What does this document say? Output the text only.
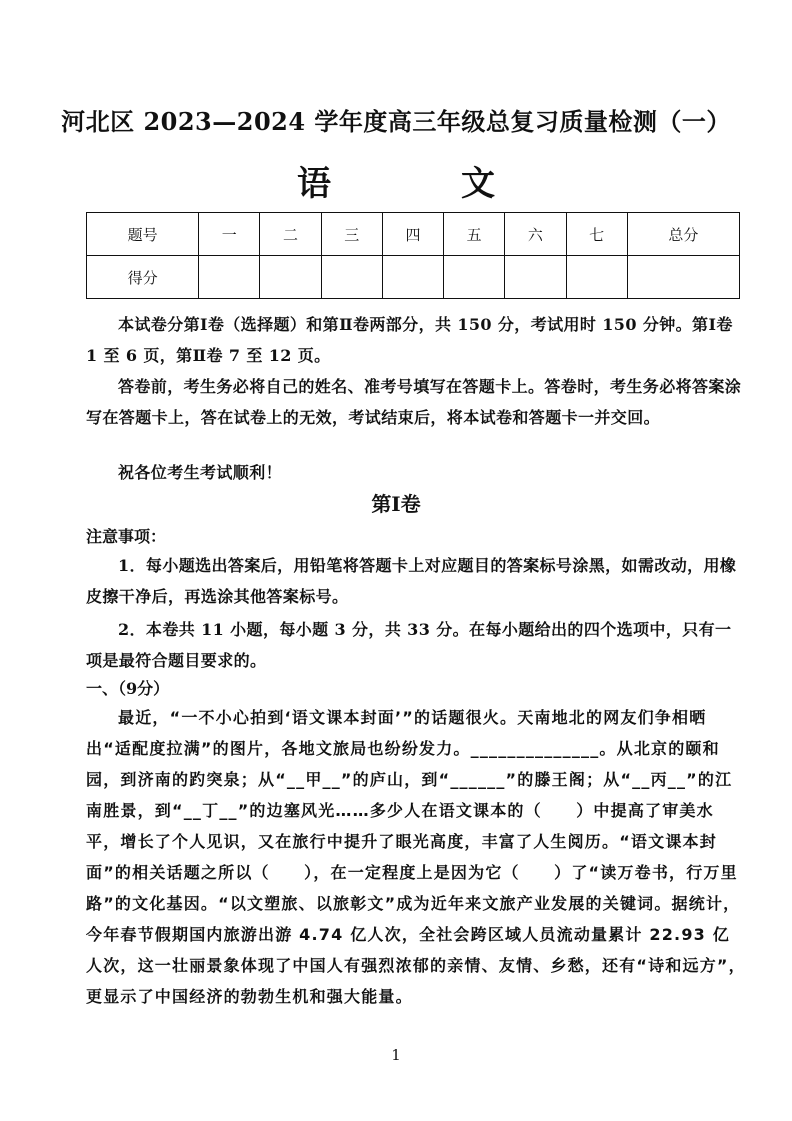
河北区 2023—2024 学年度高三年级总复习质量检测（一）
语　文
题号	一	二	三	四	五	六	七	总分
得分								
本试卷分第Ⅰ卷（选择题）和第Ⅱ卷两部分，共 150 分，考试用时 150 分钟。第Ⅰ卷 1 至 6 页，第Ⅱ卷 7 至 12 页。
答卷前，考生务必将自己的姓名、准考号填写在答题卡上。答卷时，考生务必将答案涂写在答题卡上，答在试卷上的无效，考试结束后，将本试卷和答题卡一并交回。
祝各位考生考试顺利！
第Ⅰ卷
注意事项：
1．每小题选出答案后，用铅笔将答题卡上对应题目的答案标号涂黑，如需改动，用橡皮擦干净后，再选涂其他答案标号。
2．本卷共 11 小题，每小题 3 分，共 33 分。在每小题给出的四个选项中，只有一项是最符合题目要求的。
一、（9分）
最近，“一不小心拍到‘语文课本封面’”的话题很火。天南地北的网友们争相晒出“适配度拉满”的图片，各地文旅局也纷纷发力。______________。从北京的颐和园，到济南的趵突泉；从“__甲__”的庐山，到“______”的滕王阁；从“__丙__”的江南胜景，到“__丁__”的边塞风光……多少人在语文课本的（　　）中提高了审美水平，增长了个人见识，又在旅行中提升了眼光高度，丰富了人生阅历。“语文课本封面”的相关话题之所以（　　），在一定程度上是因为它（　　）了“读万卷书，行万里路”的文化基因。“以文塑旅、以旅彰文”成为近年来文旅产业发展的关键词。据统计，今年春节假期国内旅游出游 4.74 亿人次，全社会跨区域人员流动量累计 22.93 亿人次，这一壮丽景象体现了中国人有强烈浓郁的亲情、友情、乡愁，还有“诗和远方”，更显示了中国经济的勃勃生机和强大能量。
1
